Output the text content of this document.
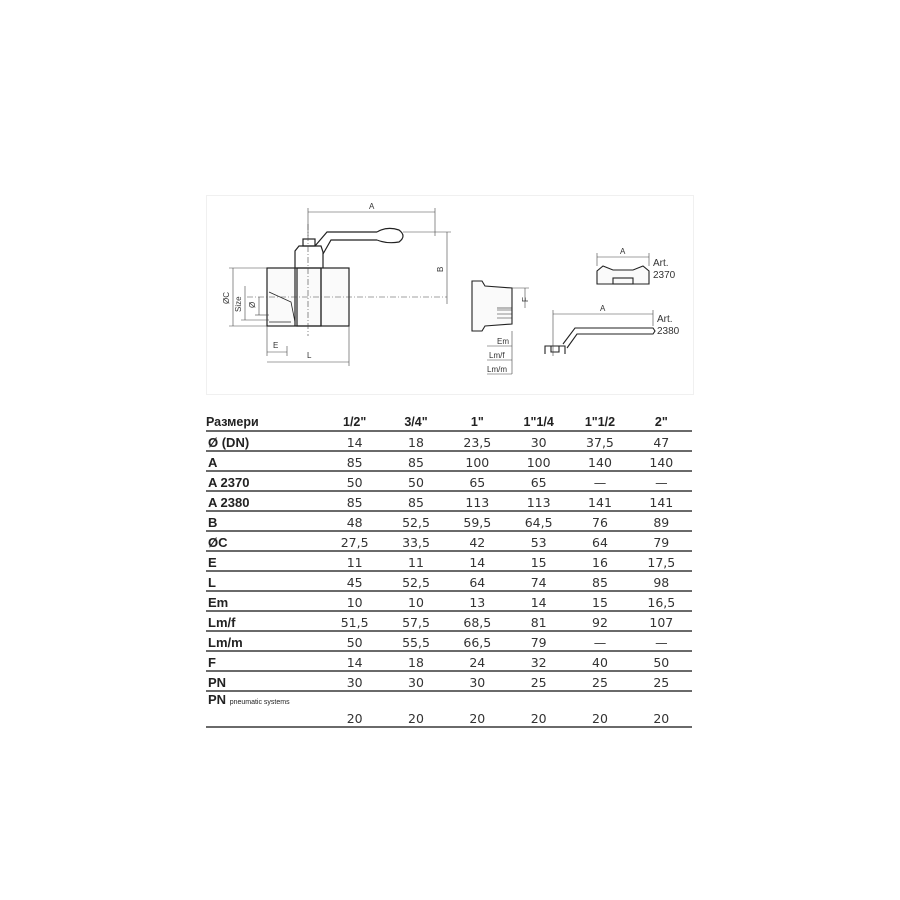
A
B
ØC Size Ø
E
L
F
Em
Lm/f
Lm/m
A
Art.
2370
A
Art.
2380
Размери	1/2"	3/4"	1"	1"1/4	1"1/2	2"
Ø (DN)	14	18	23,5	30	37,5	47
A	85	85	100	100	140	140
A 2370	50	50	65	65	—	—
A 2380	85	85	113	113	141	141
B	48	52,5	59,5	64,5	76	89
ØC	27,5	33,5	42	53	64	79
E	11	11	14	15	16	17,5
L	45	52,5	64	74	85	98
Em	10	10	13	14	15	16,5
Lm/f	51,5	57,5	68,5	81	92	107
Lm/m	50	55,5	66,5	79	—	—
F	14	18	24	32	40	50
PN	30	30	30	25	25	25
PN pneumatic systems	20	20	20	20	20	20
